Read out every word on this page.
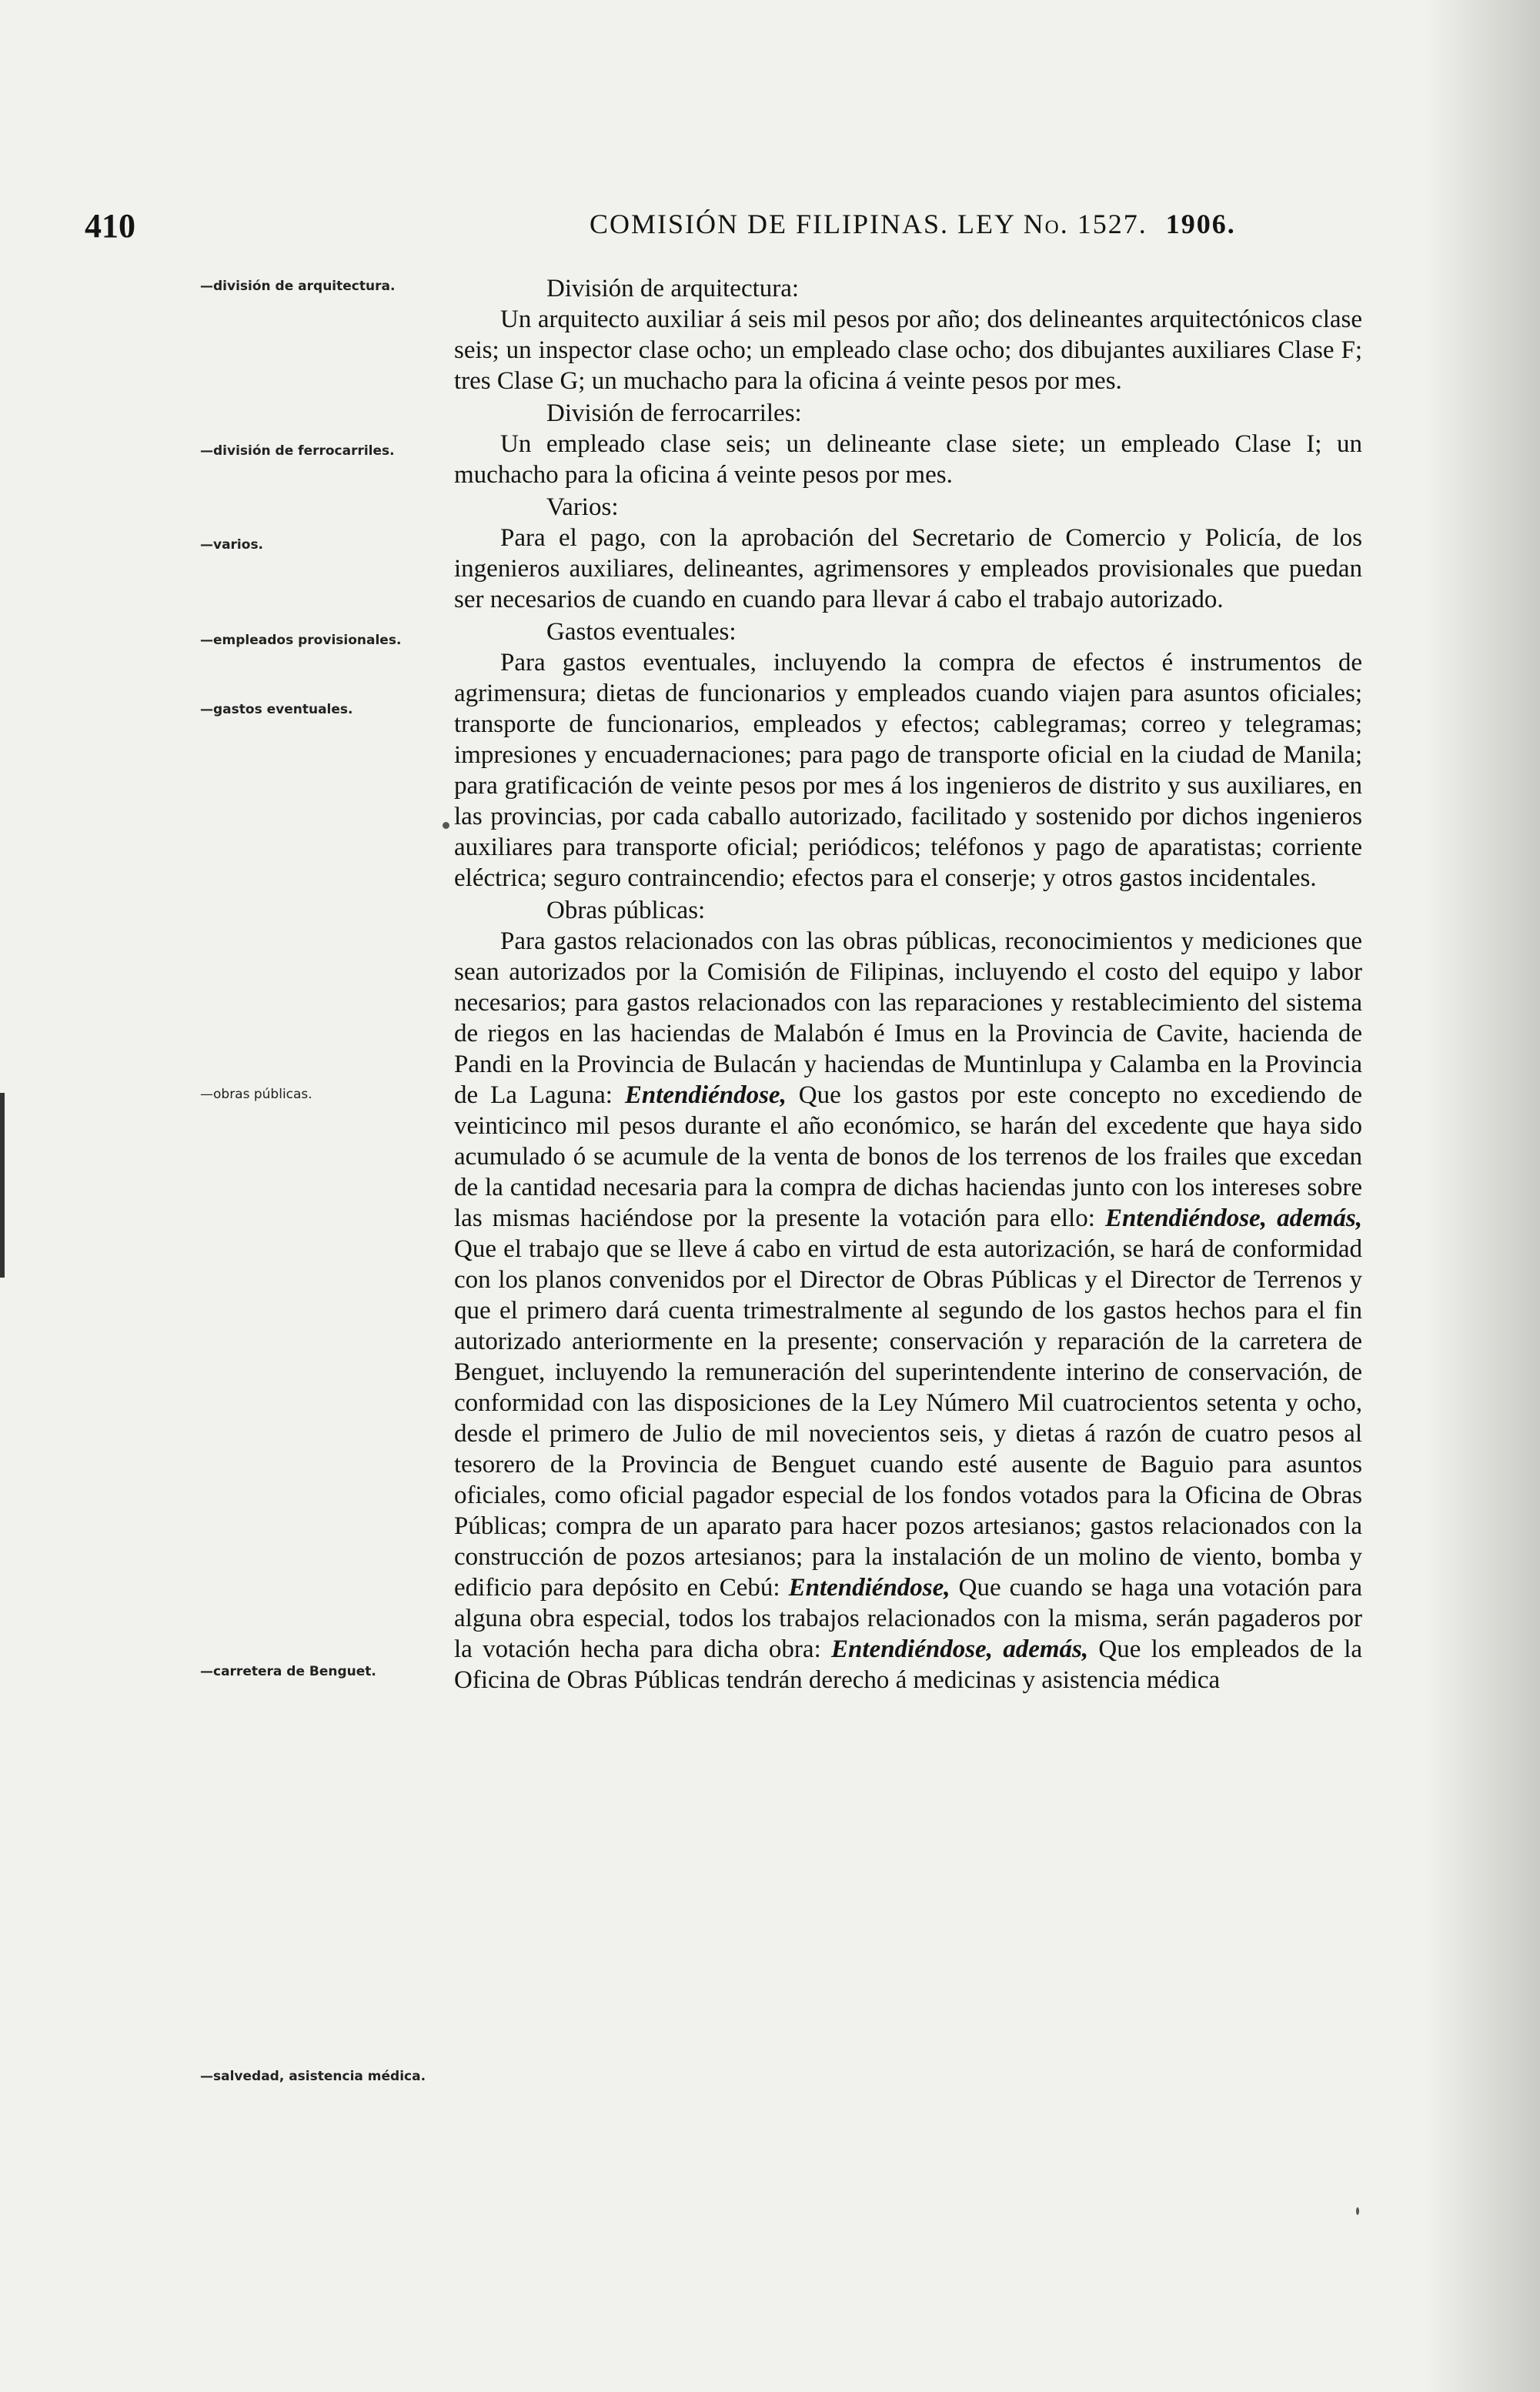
410	COMISIÓN DE FILIPINAS. LEY No. 1527. 1906.
—división de arquitectura.
—división de ferrocarriles.
—varios.
—empleados provisionales.
—gastos eventuales.
—obras públicas.
—carretera de Benguet.
—salvedad, asistencia médica.

División de arquitectura:
Un arquitecto auxiliar á seis mil pesos por año; dos delineantes arquitectónicos clase seis; un inspector clase ocho; un empleado clase ocho; dos dibujantes auxiliares Clase F; tres Clase G; un muchacho para la oficina á veinte pesos por mes.

División de ferrocarriles:
Un empleado clase seis; un delineante clase siete; un empleado Clase I; un muchacho para la oficina á veinte pesos por mes.

Varios:
Para el pago, con la aprobación del Secretario de Comercio y Policía, de los ingenieros auxiliares, delineantes, agrimensores y empleados provisionales que puedan ser necesarios de cuando en cuando para llevar á cabo el trabajo autorizado.

Gastos eventuales:
Para gastos eventuales, incluyendo la compra de efectos é instrumentos de agrimensura; dietas de funcionarios y empleados cuando viajen para asuntos oficiales; transporte de funcionarios, empleados y efectos; cablegramas; correo y telegramas; impresiones y encuadernaciones; para pago de transporte oficial en la ciudad de Manila; para gratificación de veinte pesos por mes á los ingenieros de distrito y sus auxiliares, en las provincias, por cada caballo autorizado, facilitado y sostenido por dichos ingenieros auxiliares para transporte oficial; periódicos; teléfonos y pago de aparatistas; corriente eléctrica; seguro contraincendio; efectos para el conserje; y otros gastos incidentales.

Obras públicas:
Para gastos relacionados con las obras públicas, reconocimientos y mediciones que sean autorizados por la Comisión de Filipinas, incluyendo el costo del equipo y labor necesarios; para gastos relacionados con las reparaciones y restablecimiento del sistema de riegos en las haciendas de Malabón é Imus en la Provincia de Cavite, hacienda de Pandi en la Provincia de Bulacán y haciendas de Muntinlupa y Calamba en la Provincia de La Laguna: Entendiéndose, Que los gastos por este concepto no excediendo de veinticinco mil pesos durante el año económico, se harán del excedente que haya sido acumulado ó se acumule de la venta de bonos de los terrenos de los frailes que excedan de la cantidad necesaria para la compra de dichas haciendas junto con los intereses sobre las mismas haciéndose por la presente la votación para ello: Entendiéndose, además, Que el trabajo que se lleve á cabo en virtud de esta autorización, se hará de conformidad con los planos convenidos por el Director de Obras Públicas y el Director de Terrenos y que el primero dará cuenta trimestralmente al segundo de los gastos hechos para el fin autorizado anteriormente en la presente; conservación y reparación de la carretera de Benguet, incluyendo la remuneración del superintendente interino de conservación, de conformidad con las disposiciones de la Ley Número Mil cuatrocientos setenta y ocho, desde el primero de Julio de mil novecientos seis, y dietas á razón de cuatro pesos al tesorero de la Provincia de Benguet cuando esté ausente de Baguio para asuntos oficiales, como oficial pagador especial de los fondos votados para la Oficina de Obras Públicas; compra de un aparato para hacer pozos artesianos; gastos relacionados con la construcción de pozos artesianos; para la instalación de un molino de viento, bomba y edificio para depósito en Cebú: Entendiéndose, Que cuando se haga una votación para alguna obra especial, todos los trabajos relacionados con la misma, serán pagaderos por la votación hecha para dicha obra: Entendiéndose, además, Que los empleados de la Oficina de Obras Públicas tendrán derecho á medicinas y asistencia médica
